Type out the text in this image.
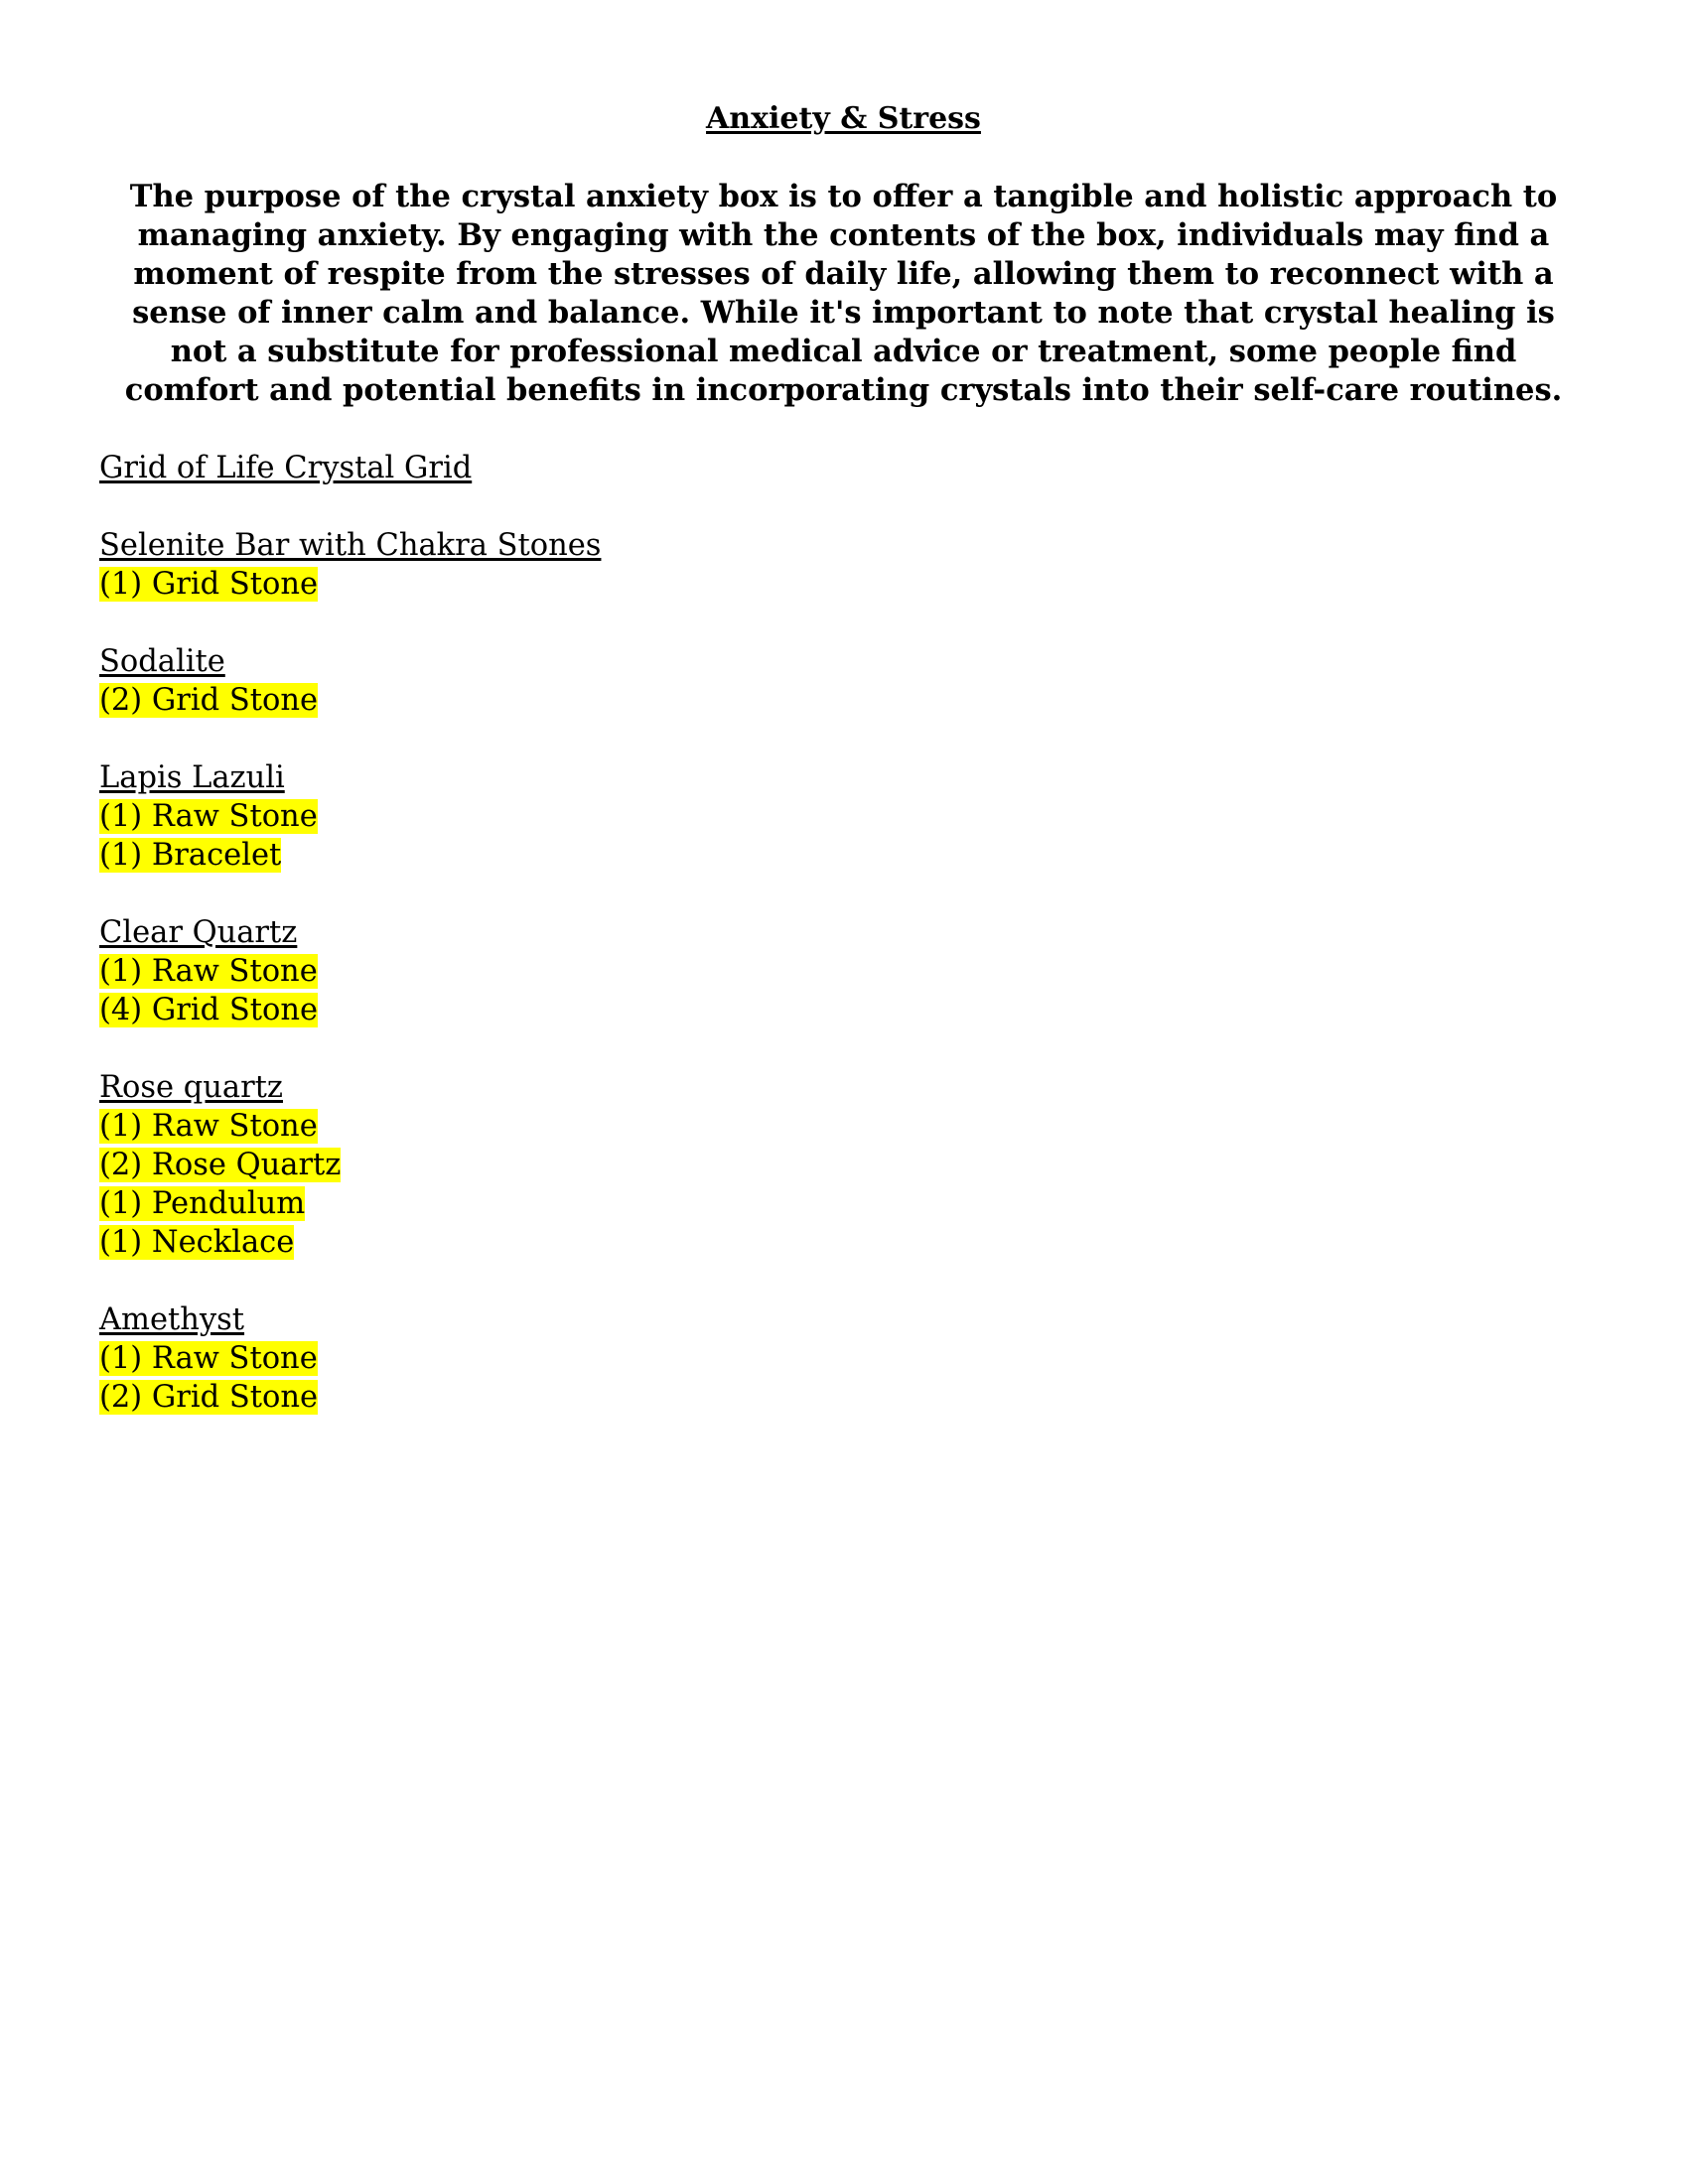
Anxiety & Stress

The purpose of the crystal anxiety box is to offer a tangible and holistic approach to managing anxiety. By engaging with the contents of the box, individuals may find a moment of respite from the stresses of daily life, allowing them to reconnect with a sense of inner calm and balance. While it's important to note that crystal healing is not a substitute for professional medical advice or treatment, some people find comfort and potential benefits in incorporating crystals into their self-care routines.

Grid of Life Crystal Grid
Selenite Bar with Chakra Stones
(1) Grid Stone
Sodalite
(2) Grid Stone
Lapis Lazuli
(1) Raw Stone
(1) Bracelet
Clear Quartz
(1) Raw Stone
(4) Grid Stone
Rose quartz
(1) Raw Stone
(2) Rose Quartz
(1) Pendulum
(1) Necklace
Amethyst
(1) Raw Stone
(2) Grid Stone
